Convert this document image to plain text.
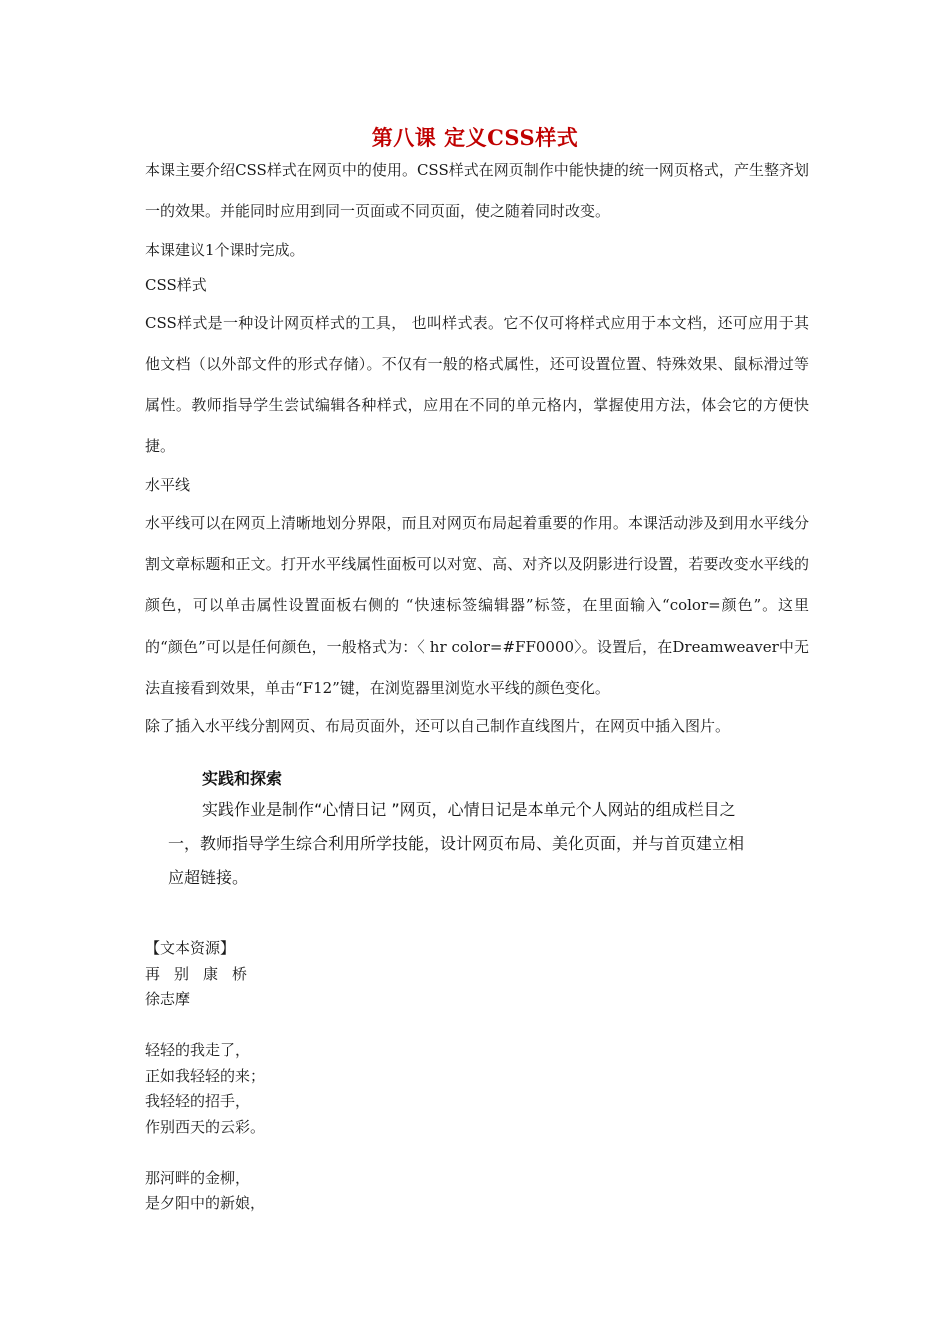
第八课 定义CSS样式

本课主要介绍CSS样式在网页中的使用。CSS样式在网页制作中能快捷的统一网页格式，产生整齐划一的效果。并能同时应用到同一页面或不同页面，使之随着同时改变。

本课建议1个课时完成。

CSS样式

CSS样式是一种设计网页样式的工具， 也叫样式表。它不仅可将样式应用于本文档，还可应用于其他文档（以外部文件的形式存储）。不仅有一般的格式属性，还可设置位置、特殊效果、鼠标滑过等属性。教师指导学生尝试编辑各种样式，应用在不同的单元格内，掌握使用方法，体会它的方便快捷。

水平线

水平线可以在网页上清晰地划分界限，而且对网页布局起着重要的作用。本课活动涉及到用水平线分割文章标题和正文。打开水平线属性面板可以对宽、高、对齐以及阴影进行设置，若要改变水平线的颜色，可以单击属性设置面板右侧的 “快速标签编辑器”标签，在里面输入“color=颜色”。这里的“颜色”可以是任何颜色，一般格式为：〈 hr color=#FF0000〉。设置后，在Dreamweaver中无法直接看到效果，单击“F12”键，在浏览器里浏览水平线的颜色变化。

除了插入水平线分割网页、布局页面外，还可以自己制作直线图片，在网页中插入图片。

实践和探索

实践作业是制作“心情日记 ”网页，心情日记是本单元个人网站的组成栏目之一，教师指导学生综合利用所学技能，设计网页布局、美化页面，并与首页建立相应超链接。

【文本资源】

再别康桥

徐志摩

轻轻的我走了，

正如我轻轻的来；

我轻轻的招手，

作别西天的云彩。

那河畔的金柳，

是夕阳中的新娘，
